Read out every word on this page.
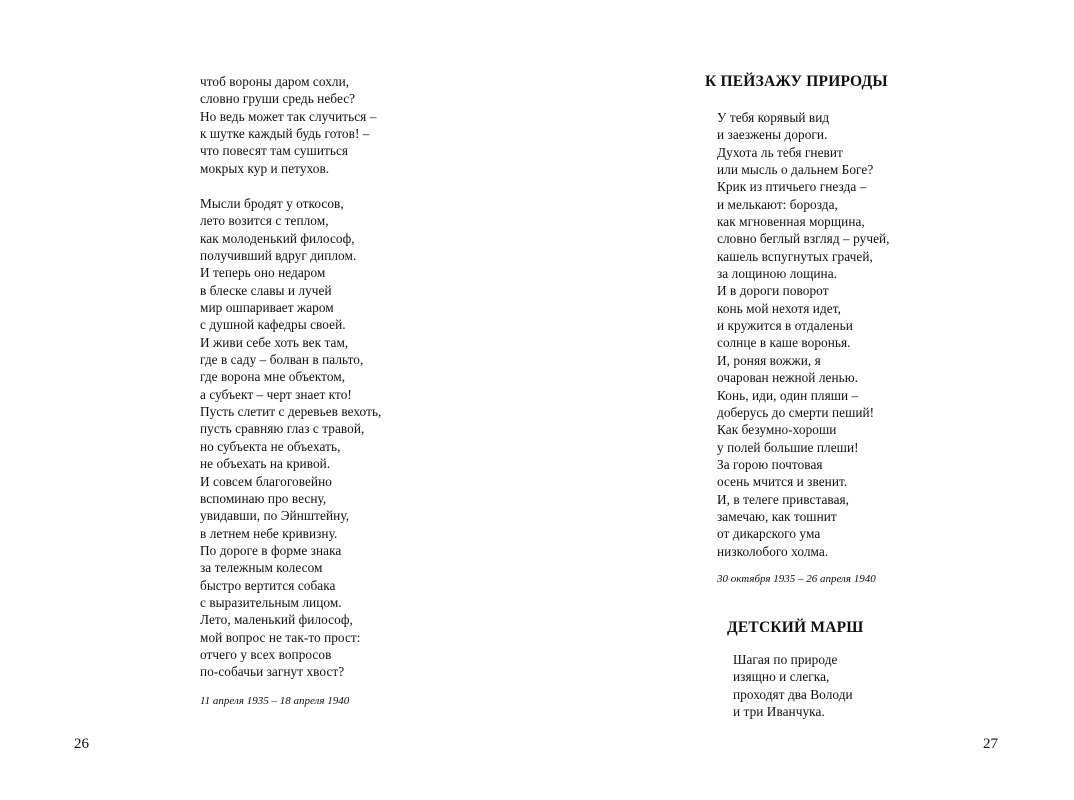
чтоб вороны даром сохли,
словно груши средь небес?
Но ведь может так случиться –
к шутке каждый будь готов! –
что повесят там сушиться
мокрых кур и петухов.
Мысли бродят у откосов,
лето возится с теплом,
как молоденький философ,
получивший вдруг диплом.
И теперь оно недаром
в блеске славы и лучей
мир ошпаривает жаром
с душной кафедры своей.
И живи себе хоть век там,
где в саду – болван в пальто,
где ворона мне объектом,
а субъект – черт знает кто!
Пусть слетит с деревьев вехоть,
пусть сравняю глаз с травой,
но субъекта не объехать,
не объехать на кривой.
И совсем благоговейно
вспоминаю про весну,
увидавши, по Эйнштейну,
в летнем небе кривизну.
По дороге в форме знака
за тележным колесом
быстро вертится собака
с выразительным лицом.
Лето, маленький философ,
мой вопрос не так-то прост:
отчего у всех вопросов
по-собачьи загнут хвост?

11 апреля 1935 – 18 апреля 1940

26

К ПЕЙЗАЖУ ПРИРОДЫ
У тебя корявый вид
и заезжены дороги.
Духота ль тебя гневит
или мысль о дальнем Боге?
Крик из птичьего гнезда –
и мелькают: борозда,
как мгновенная морщина,
словно беглый взгляд – ручей,
кашель вспугнутых грачей,
за лощиною лощина.
И в дороги поворот
конь мой нехотя идет,
и кружится в отдаленьи
солнце в каше воронья.
И, роняя вожжи, я
очарован нежной ленью.
Конь, иди, один пляши –
доберусь до смерти пеший!
Как безумно-хороши
у полей большие плеши!
За горою почтовая
осень мчится и звенит.
И, в телеге привставая,
замечаю, как тошнит
от дикарского ума
низколобого холма.

30 октября 1935 – 26 апреля 1940

ДЕТСКИЙ МАРШ
Шагая по природе
изящно и слегка,
проходят два Володи
и три Иванчука.

27
